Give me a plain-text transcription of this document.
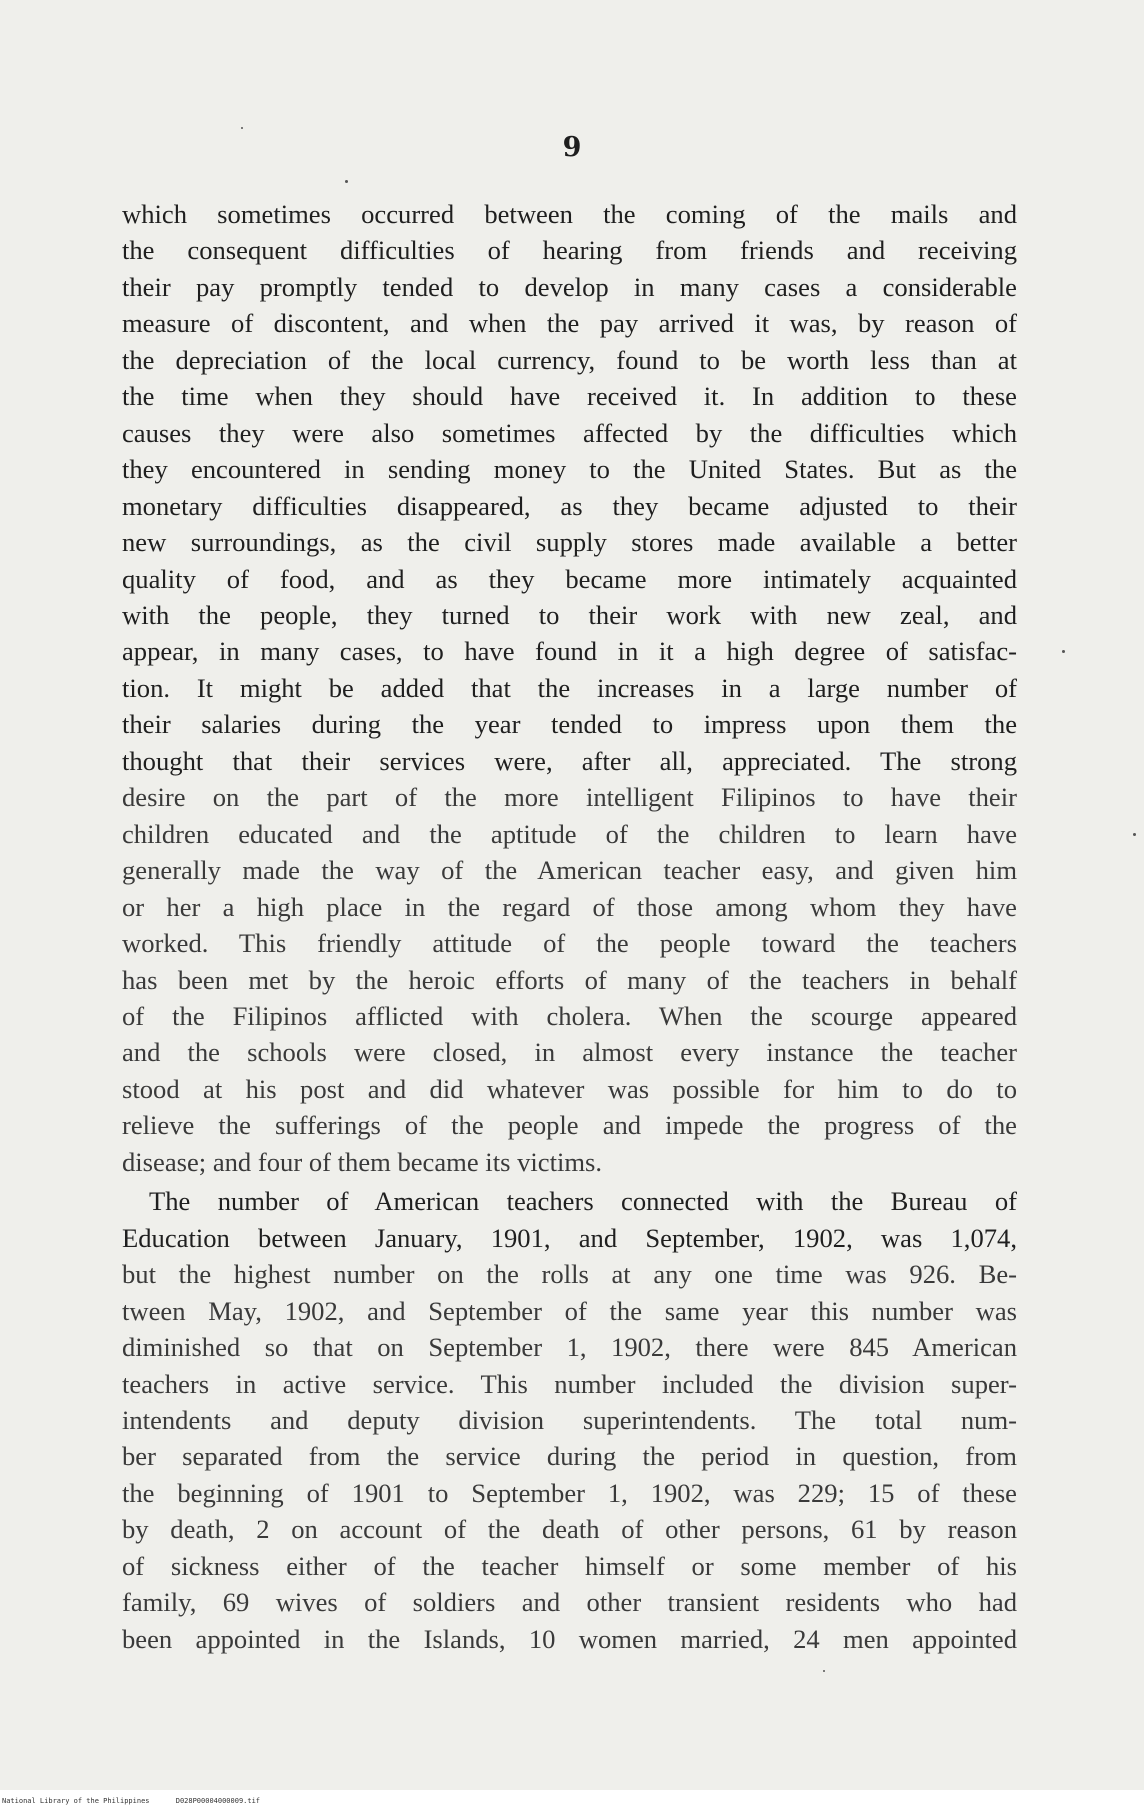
9

which sometimes occurred between the coming of the mails and
the consequent difficulties of hearing from friends and receiving
their pay promptly tended to develop in many cases a considerable
measure of discontent, and when the pay arrived it was, by reason of
the depreciation of the local currency, found to be worth less than at
the time when they should have received it. In addition to these
causes they were also sometimes affected by the difficulties which
they encountered in sending money to the United States. But as the
monetary difficulties disappeared, as they became adjusted to their
new surroundings, as the civil supply stores made available a better
quality of food, and as they became more intimately acquainted
with the people, they turned to their work with new zeal, and
appear, in many cases, to have found in it a high degree of satisfac-
tion. It might be added that the increases in a large number of
their salaries during the year tended to impress upon them the
thought that their services were, after all, appreciated. The strong
desire on the part of the more intelligent Filipinos to have their
children educated and the aptitude of the children to learn have
generally made the way of the American teacher easy, and given him
or her a high place in the regard of those among whom they have
worked. This friendly attitude of the people toward the teachers
has been met by the heroic efforts of many of the teachers in behalf
of the Filipinos afflicted with cholera. When the scourge appeared
and the schools were closed, in almost every instance the teacher
stood at his post and did whatever was possible for him to do to
relieve the sufferings of the people and impede the progress of the
disease; and four of them became its victims.

The number of American teachers connected with the Bureau of
Education between January, 1901, and September, 1902, was 1,074,
but the highest number on the rolls at any one time was 926. Be-
tween May, 1902, and September of the same year this number was
diminished so that on September 1, 1902, there were 845 American
teachers in active service. This number included the division super-
intendents and deputy division superintendents. The total num-
ber separated from the service during the period in question, from
the beginning of 1901 to September 1, 1902, was 229; 15 of these
by death, 2 on account of the death of other persons, 61 by reason
of sickness either of the teacher himself or some member of his
family, 69 wives of soldiers and other transient residents who had
been appointed in the Islands, 10 women married, 24 men appointed

National Library of the Philippines	D028P00004000009.tif
